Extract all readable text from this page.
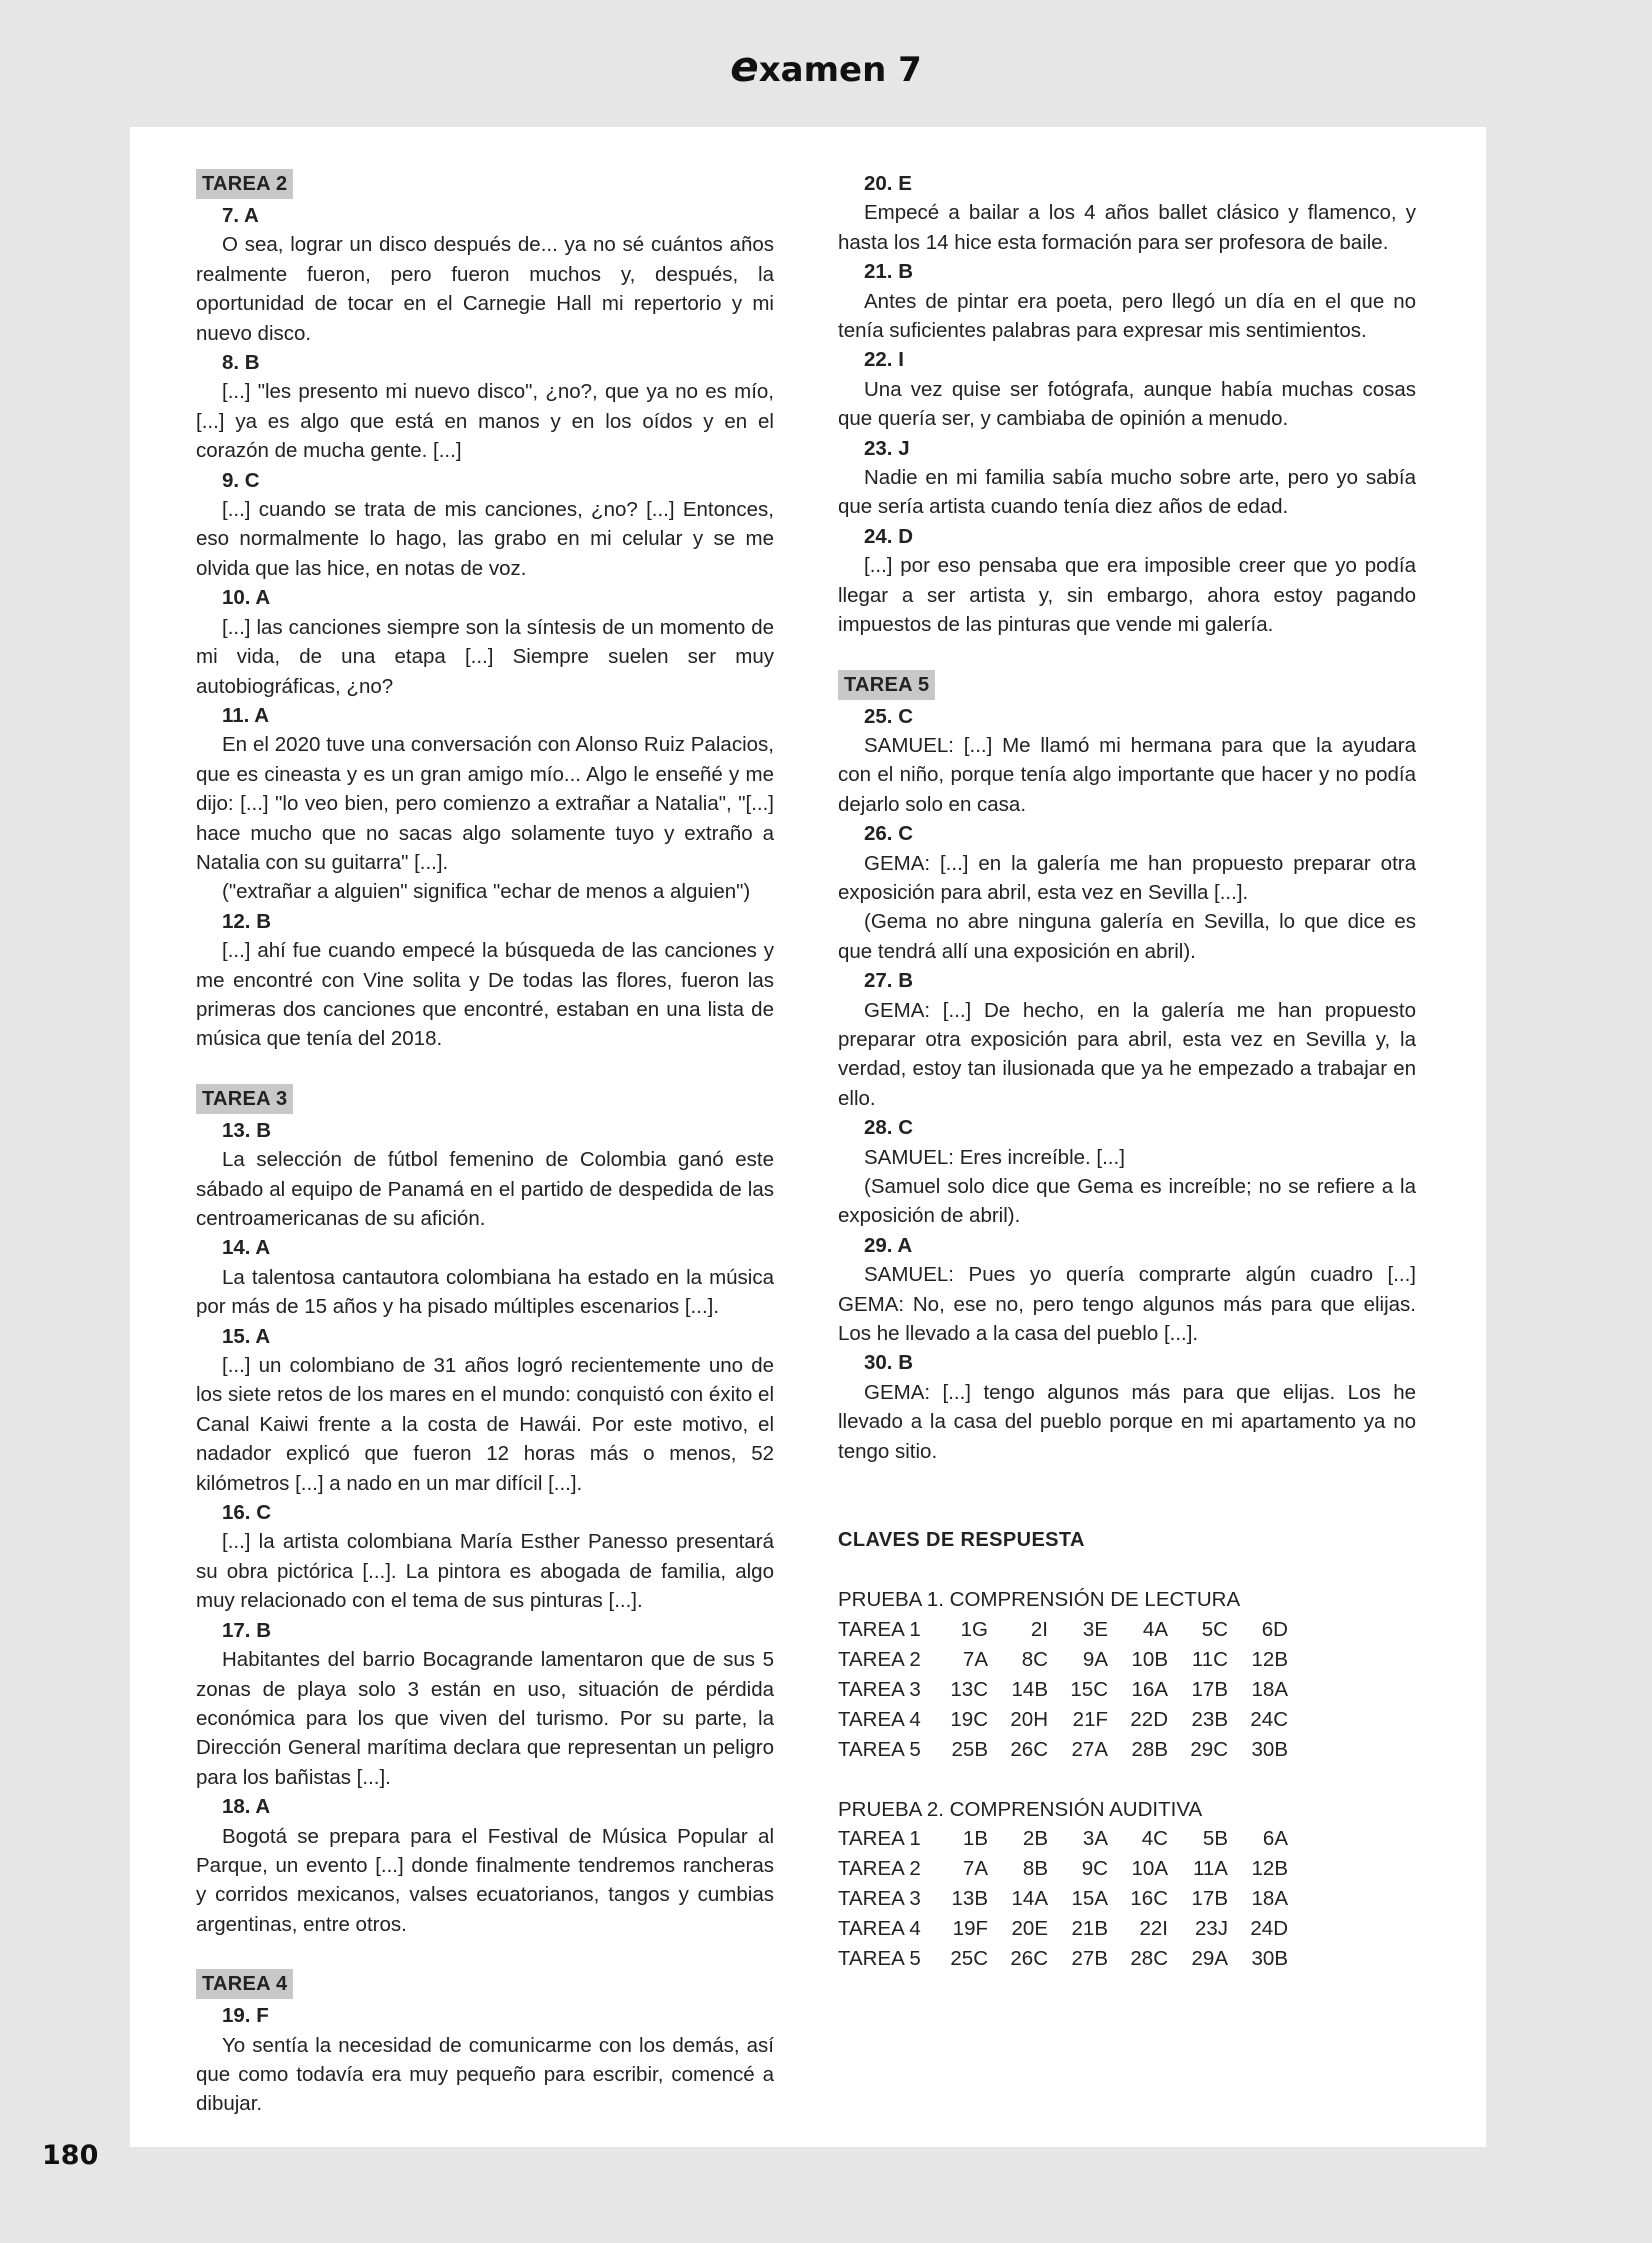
examen 7
TAREA 2
7. A
O sea, lograr un disco después de... ya no sé cuántos años realmente fueron, pero fueron muchos y, después, la oportunidad de tocar en el Carnegie Hall mi repertorio y mi nuevo disco.
8. B
[...] "les presento mi nuevo disco", ¿no?, que ya no es mío, [...] ya es algo que está en manos y en los oídos y en el corazón de mucha gente. [...]
9. C
[...] cuando se trata de mis canciones, ¿no? [...] Entonces, eso normalmente lo hago, las grabo en mi celular y se me olvida que las hice, en notas de voz.
10. A
[...] las canciones siempre son la síntesis de un momento de mi vida, de una etapa [...] Siempre suelen ser muy autobiográficas, ¿no?
11. A
En el 2020 tuve una conversación con Alonso Ruiz Palacios, que es cineasta y es un gran amigo mío... Algo le enseñé y me dijo: [...] "lo veo bien, pero comienzo a extrañar a Natalia", "[...] hace mucho que no sacas algo solamente tuyo y extraño a Natalia con su guitarra" [...].
("extrañar a alguien" significa "echar de menos a alguien")
12. B
[...] ahí fue cuando empecé la búsqueda de las canciones y me encontré con Vine solita y De todas las flores, fueron las primeras dos canciones que encontré, estaban en una lista de música que tenía del 2018.
TAREA 3
13. B
La selección de fútbol femenino de Colombia ganó este sábado al equipo de Panamá en el partido de despedida de las centroamericanas de su afición.
14. A
La talentosa cantautora colombiana ha estado en la música por más de 15 años y ha pisado múltiples escenarios [...].
15. A
[...] un colombiano de 31 años logró recientemente uno de los siete retos de los mares en el mundo: conquistó con éxito el Canal Kaiwi frente a la costa de Hawái. Por este motivo, el nadador explicó que fueron 12 horas más o menos, 52 kilómetros [...] a nado en un mar difícil [...].
16. C
[...] la artista colombiana María Esther Panesso presentará su obra pictórica [...]. La pintora es abogada de familia, algo muy relacionado con el tema de sus pinturas [...].
17. B
Habitantes del barrio Bocagrande lamentaron que de sus 5 zonas de playa solo 3 están en uso, situación de pérdida económica para los que viven del turismo. Por su parte, la Dirección General marítima declara que representan un peligro para los bañistas [...].
18. A
Bogotá se prepara para el Festival de Música Popular al Parque, un evento [...] donde finalmente tendremos rancheras y corridos mexicanos, valses ecuatorianos, tangos y cumbias argentinas, entre otros.
TAREA 4
19. F
Yo sentía la necesidad de comunicarme con los demás, así que como todavía era muy pequeño para escribir, comencé a dibujar.
20. E
Empecé a bailar a los 4 años ballet clásico y flamenco, y hasta los 14 hice esta formación para ser profesora de baile.
21. B
Antes de pintar era poeta, pero llegó un día en el que no tenía suficientes palabras para expresar mis sentimientos.
22. I
Una vez quise ser fotógrafa, aunque había muchas cosas que quería ser, y cambiaba de opinión a menudo.
23. J
Nadie en mi familia sabía mucho sobre arte, pero yo sabía que sería artista cuando tenía diez años de edad.
24. D
[...] por eso pensaba que era imposible creer que yo podía llegar a ser artista y, sin embargo, ahora estoy pagando impuestos de las pinturas que vende mi galería.
TAREA 5
25. C
SAMUEL: [...] Me llamó mi hermana para que la ayudara con el niño, porque tenía algo importante que hacer y no podía dejarlo solo en casa.
26. C
GEMA: [...] en la galería me han propuesto preparar otra exposición para abril, esta vez en Sevilla [...].
(Gema no abre ninguna galería en Sevilla, lo que dice es que tendrá allí una exposición en abril).
27. B
GEMA: [...] De hecho, en la galería me han propuesto preparar otra exposición para abril, esta vez en Sevilla y, la verdad, estoy tan ilusionada que ya he empezado a trabajar en ello.
28. C
SAMUEL: Eres increíble. [...]
(Samuel solo dice que Gema es increíble; no se refiere a la exposición de abril).
29. A
SAMUEL: Pues yo quería comprarte algún cuadro [...] GEMA: No, ese no, pero tengo algunos más para que elijas. Los he llevado a la casa del pueblo [...].
30. B
GEMA: [...] tengo algunos más para que elijas. Los he llevado a la casa del pueblo porque en mi apartamento ya no tengo sitio.
CLAVES DE RESPUESTA
PRUEBA 1. COMPRENSIÓN DE LECTURA
TAREA 1	1G	2I	3E	4A	5C	6D
TAREA 2	7A	8C	9A	10B	11C	12B
TAREA 3	13C	14B	15C	16A	17B	18A
TAREA 4	19C	20H	21F	22D	23B	24C
TAREA 5	25B	26C	27A	28B	29C	30B
PRUEBA 2. COMPRENSIÓN AUDITIVA
TAREA 1	1B	2B	3A	4C	5B	6A
TAREA 2	7A	8B	9C	10A	11A	12B
TAREA 3	13B	14A	15A	16C	17B	18A
TAREA 4	19F	20E	21B	22I	23J	24D
TAREA 5	25C	26C	27B	28C	29A	30B
180
